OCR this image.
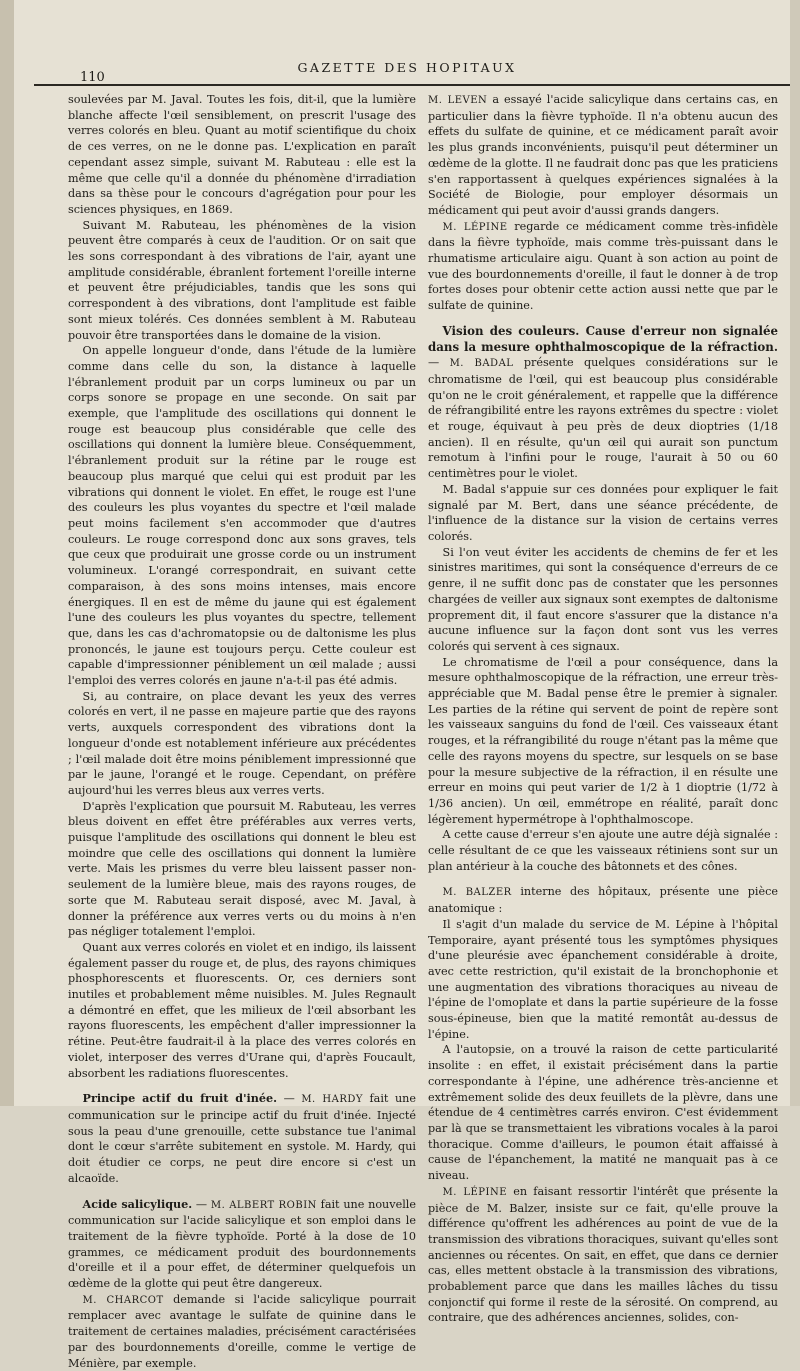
GAZETTE DES HOPITAUX
110

soulevées par M. Javal. Toutes les fois, dit-il, que la lumière blanche affecte l'œil sensiblement, on prescrit l'usage des verres colorés en bleu. Quant au motif scientifique du choix de ces verres, on ne le donne pas. L'explication en paraît cependant assez simple, suivant M. Rabuteau : elle est la même que celle qu'il a donnée du phénomène d'irradiation dans sa thèse pour le concours d'agrégation pour pour les sciences physiques, en 1869.

Suivant M. Rabuteau, les phénomènes de la vision peuvent être comparés à ceux de l'audition. Or on sait que les sons correspondant à des vibrations de l'air, ayant une amplitude considérable, ébranlent fortement l'oreille interne et peuvent être préjudiciables, tandis que les sons qui correspondent à des vibrations, dont l'amplitude est faible sont mieux tolérés. Ces données semblent à M. Rabuteau pouvoir être transportées dans le domaine de la vision.

On appelle longueur d'onde, dans l'étude de la lumière comme dans celle du son, la distance à laquelle l'ébranlement produit par un corps lumineux ou par un corps sonore se propage en une seconde. On sait par exemple, que l'amplitude des oscillations qui donnent le rouge est beaucoup plus considérable que celle des oscillations qui donnent la lumière bleue. Conséquemment, l'ébranlement produit sur la rétine par le rouge est beaucoup plus marqué que celui qui est produit par les vibrations qui donnent le violet. En effet, le rouge est l'une des couleurs les plus voyantes du spectre et l'œil malade peut moins facilement s'en accommoder que d'autres couleurs. Le rouge correspond donc aux sons graves, tels que ceux que produirait une grosse corde ou un instrument volumineux. L'orangé correspondrait, en suivant cette comparaison, à des sons moins intenses, mais encore énergiques. Il en est de même du jaune qui est également l'une des couleurs les plus voyantes du spectre, tellement que, dans les cas d'achromatopsie ou de daltonisme les plus prononcés, le jaune est toujours perçu. Cette couleur est capable d'impressionner péniblement un œil malade ; aussi l'emploi des verres colorés en jaune n'a-t-il pas été admis.

Si, au contraire, on place devant les yeux des verres colorés en vert, il ne passe en majeure partie que des rayons verts, auxquels correspondent des vibrations dont la longueur d'onde est notablement inférieure aux précédentes ; l'œil malade doit être moins péniblement impressionné que par le jaune, l'orangé et le rouge. Cependant, on préfère aujourd'hui les verres bleus aux verres verts.

D'après l'explication que poursuit M. Rabuteau, les verres bleus doivent en effet être préférables aux verres verts, puisque l'amplitude des oscillations qui donnent le bleu est moindre que celle des oscillations qui donnent la lumière verte. Mais les prismes du verre bleu laissent passer non-seulement de la lumière bleue, mais des rayons rouges, de sorte que M. Rabuteau serait disposé, avec M. Javal, à donner la préférence aux verres verts ou du moins à n'en pas négliger totalement l'emploi.

Quant aux verres colorés en violet et en indigo, ils laissent également passer du rouge et, de plus, des rayons chimiques phosphorescents et fluorescents. Or, ces derniers sont inutiles et probablement même nuisibles. M. Jules Regnault a démontré en effet, que les milieux de l'œil absorbant les rayons fluorescents, les empêchent d'aller impressionner la rétine. Peut-être faudrait-il à la place des verres colorés en violet, interposer des verres d'Urane qui, d'après Foucault, absorbent les radiations fluorescentes.

Principe actif du fruit d'inée. — M. HARDY fait une communication sur le principe actif du fruit d'inée. Injecté sous la peau d'une grenouille, cette substance tue l'animal dont le cœur s'arrête subitement en systole. M. Hardy, qui doit étudier ce corps, ne peut dire encore si c'est un alcaoïde.

Acide salicylique. — M. ALBERT ROBIN fait une nouvelle communication sur l'acide salicylique et son emploi dans le traitement de la fièvre typhoïde. Porté à la dose de 10 grammes, ce médicament produit des bourdonnements d'oreille et il a pour effet, de déterminer quelquefois un œdème de la glotte qui peut être dangereux.

M. CHARCOT demande si l'acide salicylique pourrait remplacer avec avantage le sulfate de quinine dans le traitement de certaines maladies, précisément caractérisées par des bourdonnements d'oreille, comme le vertige de Ménière, par exemple.

M. LEVEN a essayé l'acide salicylique dans certains cas, en particulier dans la fièvre typhoïde. Il n'a obtenu aucun des effets du sulfate de quinine, et ce médicament paraît avoir les plus grands inconvénients, puisqu'il peut déterminer un œdème de la glotte. Il ne faudrait donc pas que les praticiens s'en rapportassent à quelques expériences signalées à la Société de Biologie, pour employer désormais un médicament qui peut avoir d'aussi grands dangers.

M. LÉPINE regarde ce médicament comme très-infidèle dans la fièvre typhoïde, mais comme très-puissant dans le rhumatisme articulaire aigu. Quant à son action au point de vue des bourdonnements d'oreille, il faut le donner à de trop fortes doses pour obtenir cette action aussi nette que par le sulfate de quinine.

Vision des couleurs. Cause d'erreur non signalée dans la mesure ophthalmoscopique de la réfraction. — M. BADAL présente quelques considérations sur le chromatisme de l'œil, qui est beaucoup plus considérable qu'on ne le croit généralement, et rappelle que la différence de réfrangibilité entre les rayons extrêmes du spectre : violet et rouge, équivaut à peu près de deux dioptries (1/18 ancien). Il en résulte, qu'un œil qui aurait son punctum remotum à l'infini pour le rouge, l'aurait à 50 ou 60 centimètres pour le violet.

M. Badal s'appuie sur ces données pour expliquer le fait signalé par M. Bert, dans une séance précédente, de l'influence de la distance sur la vision de certains verres colorés.

Si l'on veut éviter les accidents de chemins de fer et les sinistres maritimes, qui sont la conséquence d'erreurs de ce genre, il ne suffit donc pas de constater que les personnes chargées de veiller aux signaux sont exemptes de daltonisme proprement dit, il faut encore s'assurer que la distance n'a aucune influence sur la façon dont sont vus les verres colorés qui servent à ces signaux.

Le chromatisme de l'œil a pour conséquence, dans la mesure ophthalmoscopique de la réfraction, une erreur très-appréciable que M. Badal pense être le premier à signaler. Les parties de la rétine qui servent de point de repère sont les vaisseaux sanguins du fond de l'œil. Ces vaisseaux étant rouges, et la réfrangibilité du rouge n'étant pas la même que celle des rayons moyens du spectre, sur lesquels on se base pour la mesure subjective de la réfraction, il en résulte une erreur en moins qui peut varier de 1/2 à 1 dioptrie (1/72 à 1/36 ancien). Un œil, emmétrope en réalité, paraît donc légèrement hypermétrope à l'ophthalmoscope.

A cette cause d'erreur s'en ajoute une autre déjà signalée : celle résultant de ce que les vaisseaux rétiniens sont sur un plan antérieur à la couche des bâtonnets et des cônes.

M. BALZER interne des hôpitaux, présente une pièce anatomique :

Il s'agit d'un malade du service de M. Lépine à l'hôpital Temporaire, ayant présenté tous les symptômes physiques d'une pleurésie avec épanchement considérable à droite, avec cette restriction, qu'il existait de la bronchophonie et une augmentation des vibrations thoraciques au niveau de l'épine de l'omoplate et dans la partie supérieure de la fosse sous-épineuse, bien que la matité remontât au-dessus de l'épine.

A l'autopsie, on a trouvé la raison de cette particularité insolite : en effet, il existait précisément dans la partie correspondante à l'épine, une adhérence très-ancienne et extrêmement solide des deux feuillets de la plèvre, dans une étendue de 4 centimètres carrés environ. C'est évidemment par là que se transmettaient les vibrations vocales à la paroi thoracique. Comme d'ailleurs, le poumon était affaissé à cause de l'épanchement, la matité ne manquait pas à ce niveau.

M. LÉPINE en faisant ressortir l'intérêt que présente la pièce de M. Balzer, insiste sur ce fait, qu'elle prouve la différence qu'offrent les adhérences au point de vue de la transmission des vibrations thoraciques, suivant qu'elles sont anciennes ou récentes. On sait, en effet, que dans ce dernier cas, elles mettent obstacle à la transmission des vibrations, probablement parce que dans les mailles lâches du tissu conjonctif qui forme il reste de la sérosité. On comprend, au contraire, que des adhérences anciennes, solides, con-
